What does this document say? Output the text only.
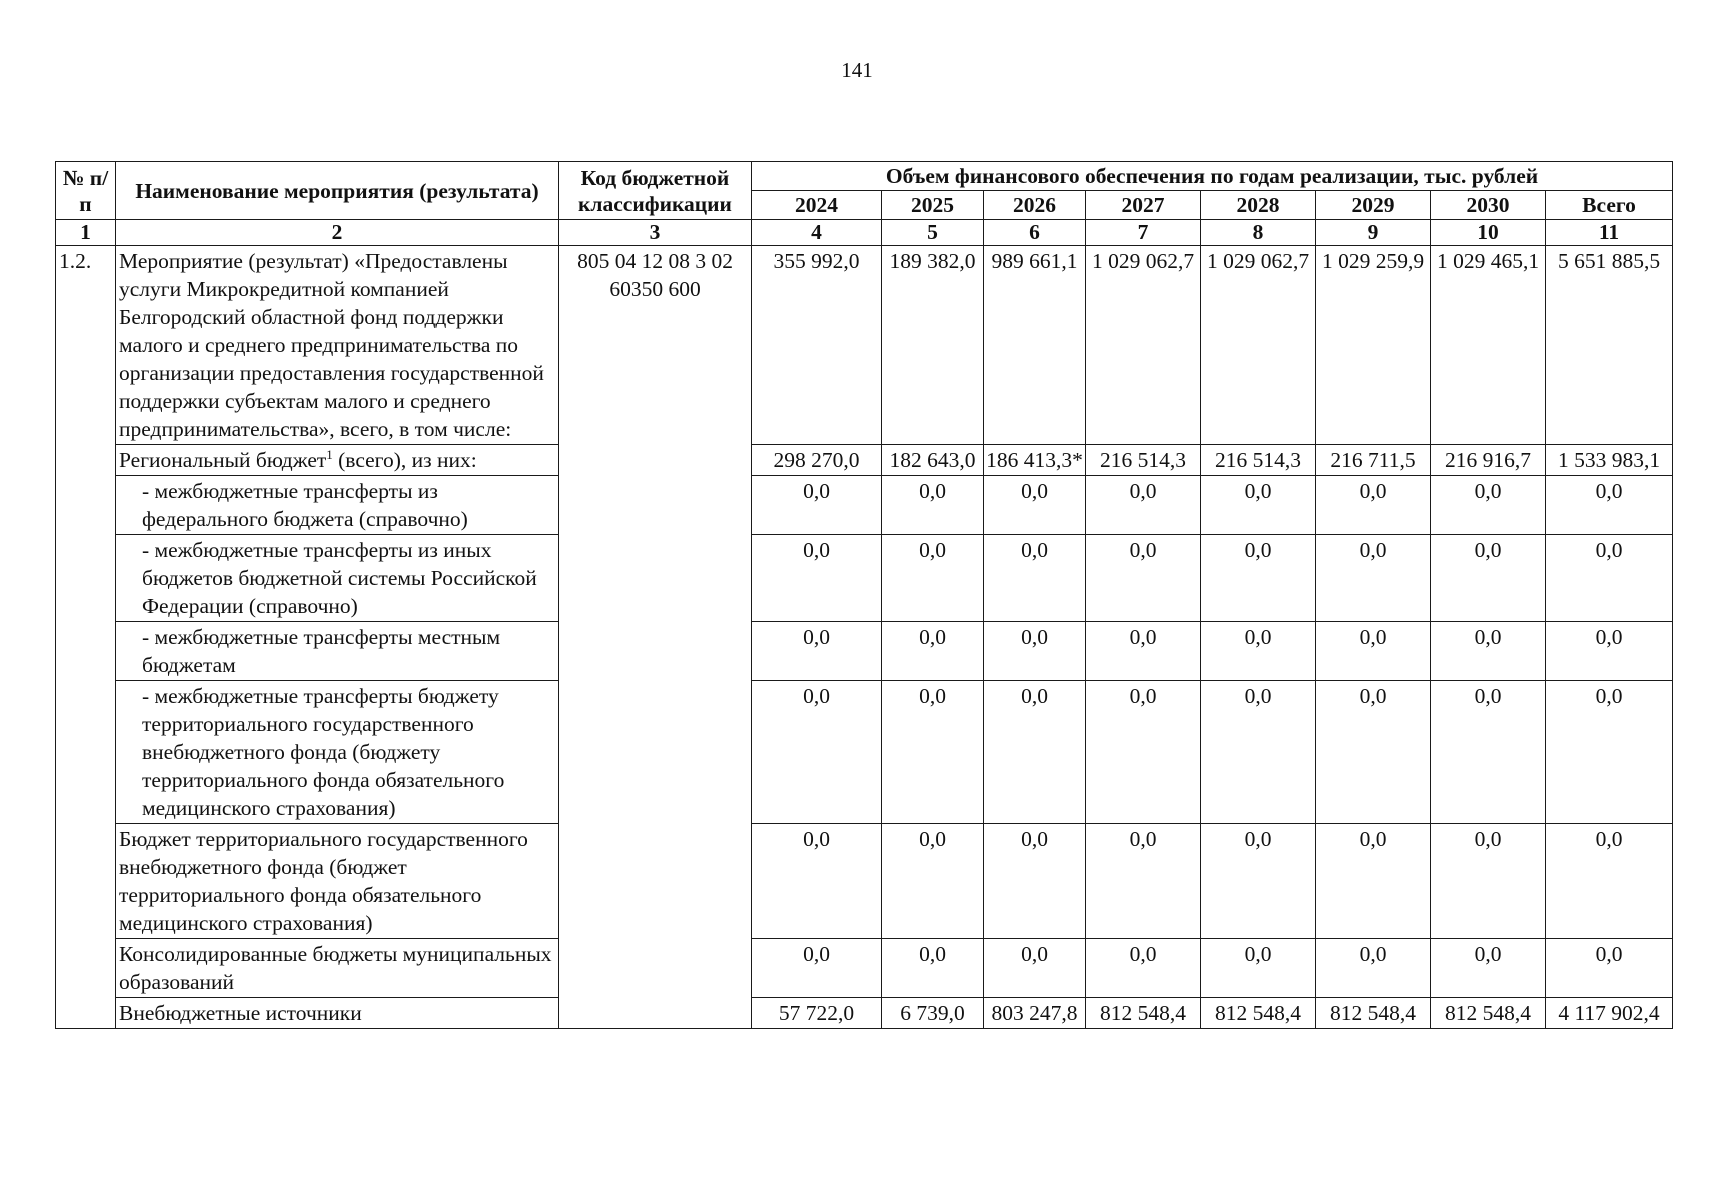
141
№ п/п	Наименование мероприятия (результата)	Код бюджетной классификации	Объем финансового обеспечения по годам реализации, тыс. рублей							
			2024	2025	2026	2027	2028	2029	2030	Всего
1	2	3	4	5	6	7	8	9	10	11
1.2.	Мероприятие (результат) «Предоставлены услуги Микрокредитной компанией Белгородский областной фонд поддержки малого и среднего предпринимательства по организации предоставления государственной поддержки субъектам малого и среднего предпринимательства», всего, в том числе:	805 04 12 08 3 02 60350 600	355 992,0	189 382,0	989 661,1	1 029 062,7	1 029 062,7	1 029 259,9	1 029 465,1	5 651 885,5
	Региональный бюджет$^1$ (всего), из них:		298 270,0	182 643,0	186 413,3*	216 514,3	216 514,3	216 711,5	216 916,7	1 533 983,1
	- межбюджетные трансферты из федерального бюджета (справочно)		0,0	0,0	0,0	0,0	0,0	0,0	0,0	0,0
	- межбюджетные трансферты из иных бюджетов бюджетной системы Российской Федерации (справочно)		0,0	0,0	0,0	0,0	0,0	0,0	0,0	0,0
	- межбюджетные трансферты местным бюджетам		0,0	0,0	0,0	0,0	0,0	0,0	0,0	0,0
	- межбюджетные трансферты бюджету территориального государственного внебюджетного фонда (бюджету территориального фонда обязательного медицинского страхования)		0,0	0,0	0,0	0,0	0,0	0,0	0,0	0,0
	Бюджет территориального государственного внебюджетного фонда (бюджет территориального фонда обязательного медицинского страхования)		0,0	0,0	0,0	0,0	0,0	0,0	0,0	0,0
	Консолидированные бюджеты муниципальных образований		0,0	0,0	0,0	0,0	0,0	0,0	0,0	0,0
	Внебюджетные источники		57 722,0	6 739,0	803 247,8	812 548,4	812 548,4	812 548,4	812 548,4	4 117 902,4
